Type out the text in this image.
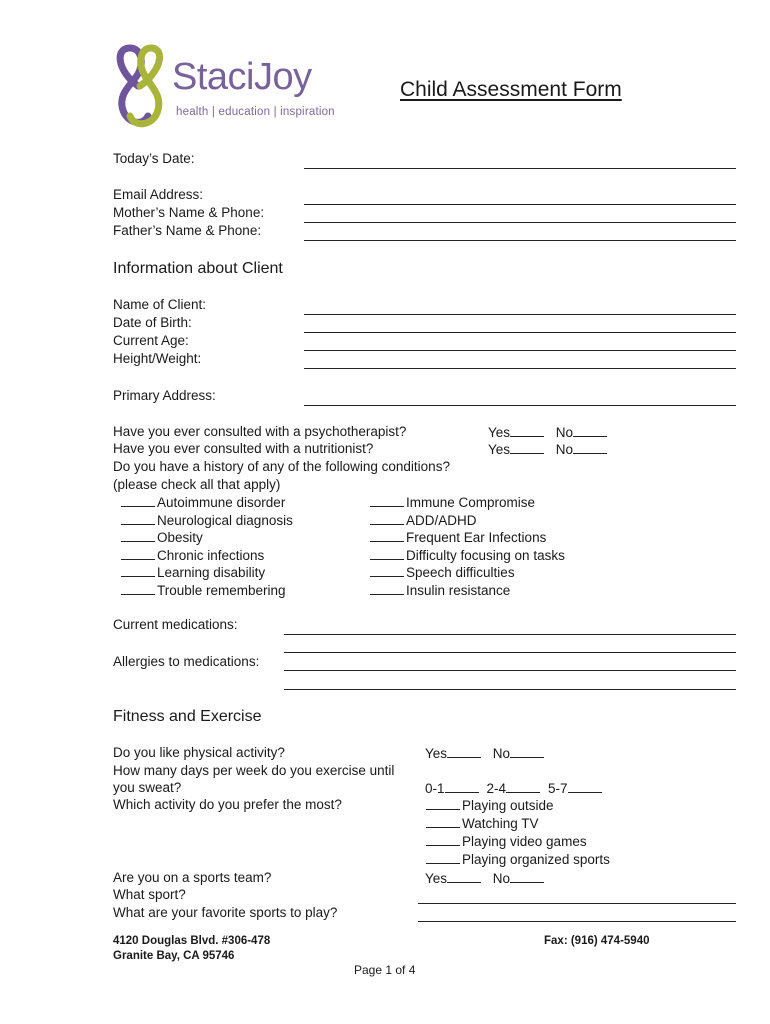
StaciJoy
health | education | inspiration
Child Assessment Form
Today’s Date:
Email Address:
Mother’s Name & Phone:
Father’s Name & Phone:
Information about Client
Name of Client:
Date of Birth:
Current Age:
Height/Weight:
Primary Address:
Have you ever consulted with a psychotherapist?	Yes	No
Have you ever consulted with a nutritionist?	Yes	No
Do you have a history of any of the following conditions?
(please check all that apply)
Autoimmune disorder
Neurological diagnosis
Obesity
Chronic infections
Learning disability
Trouble remembering
Immune Compromise
ADD/ADHD
Frequent Ear Infections
Difficulty focusing on tasks
Speech difficulties
Insulin resistance
Current medications:
Allergies to medications:
Fitness and Exercise
Do you like physical activity?	Yes	No
How many days per week do you exercise until
you sweat?	0-1	2-4	5-7
Which activity do you prefer the most?	Playing outside
Watching TV
Playing video games
Playing organized sports
Are you on a sports team?	Yes	No
What sport?
What are your favorite sports to play?
4120 Douglas Blvd. #306-478
Granite Bay, CA 95746
Fax: (916) 474-5940
Page 1 of 4
